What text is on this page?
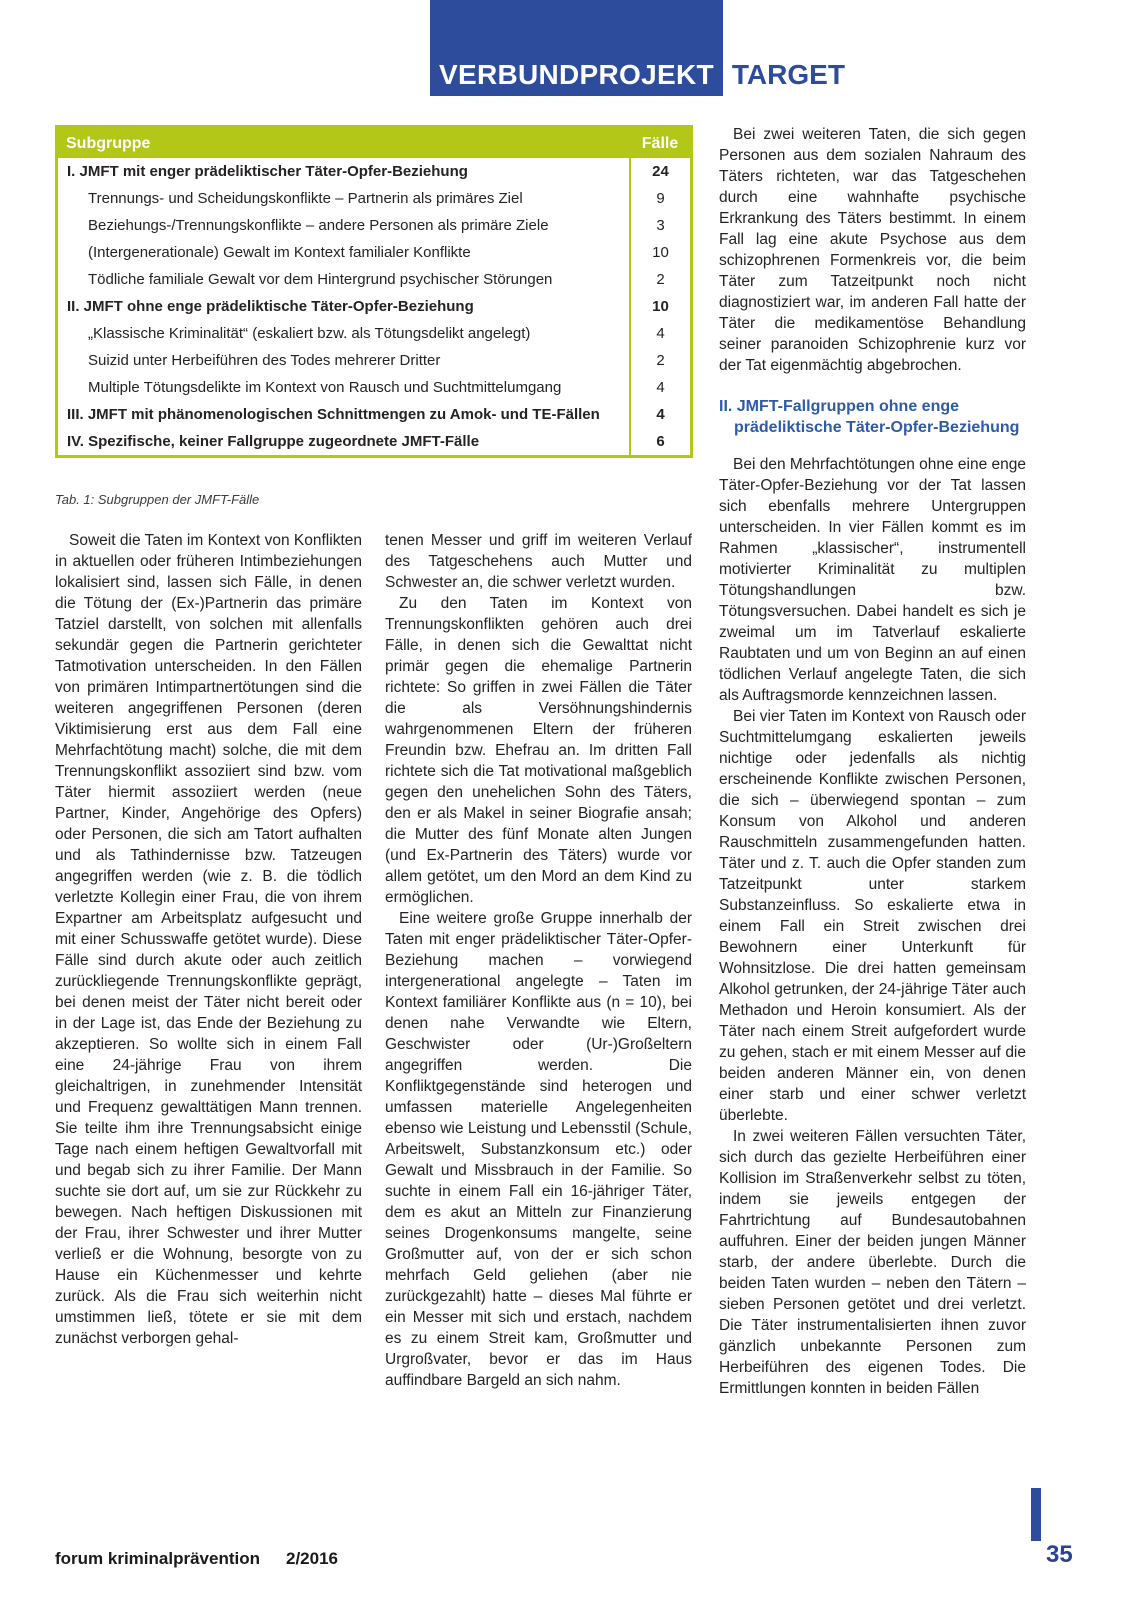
VERBUNDPROJEKT TARGET
Subgruppe	Fälle
I. JMFT mit enger prädeliktischer Täter-Opfer-Beziehung	24
Trennungs- und Scheidungskonflikte – Partnerin als primäres Ziel	9
Beziehungs-/Trennungskonflikte – andere Personen als primäre Ziele	3
(Intergenerationale) Gewalt im Kontext familialer Konflikte	10
Tödliche familiale Gewalt vor dem Hintergrund psychischer Störungen	2
II. JMFT ohne enge prädeliktische Täter-Opfer-Beziehung	10
„Klassische Kriminalität“ (eskaliert bzw. als Tötungsdelikt angelegt)	4
Suizid unter Herbeiführen des Todes mehrerer Dritter	2
Multiple Tötungsdelikte im Kontext von Rausch und Suchtmittelumgang	4
III. JMFT mit phänomenologischen Schnittmengen zu Amok- und TE-Fällen	4
IV. Spezifische, keiner Fallgruppe zugeordnete JMFT-Fälle	6
Tab. 1: Subgruppen der JMFT-Fälle

Soweit die Taten im Kontext von Konflikten in aktuellen oder früheren Intimbeziehungen lokalisiert sind, lassen sich Fälle, in denen die Tötung der (Ex-)Partnerin das primäre Tatziel darstellt, von solchen mit allenfalls sekundär gegen die Partnerin gerichteter Tatmotivation unterscheiden. In den Fällen von primären Intimpartnertötungen sind die weiteren angegriffenen Personen (deren Viktimisierung erst aus dem Fall eine Mehrfachtötung macht) solche, die mit dem Trennungskonflikt assoziiert sind bzw. vom Täter hiermit assoziiert werden (neue Partner, Kinder, Angehörige des Opfers) oder Personen, die sich am Tatort aufhalten und als Tathindernisse bzw. Tatzeugen angegriffen werden (wie z. B. die tödlich verletzte Kollegin einer Frau, die von ihrem Expartner am Arbeitsplatz aufgesucht und mit einer Schusswaffe getötet wurde). Diese Fälle sind durch akute oder auch zeitlich zurückliegende Trennungskonflikte geprägt, bei denen meist der Täter nicht bereit oder in der Lage ist, das Ende der Beziehung zu akzeptieren. So wollte sich in einem Fall eine 24-jährige Frau von ihrem gleichaltrigen, in zunehmender Intensität und Frequenz gewalttätigen Mann trennen. Sie teilte ihm ihre Trennungsabsicht einige Tage nach einem heftigen Gewaltvorfall mit und begab sich zu ihrer Familie. Der Mann suchte sie dort auf, um sie zur Rückkehr zu bewegen. Nach heftigen Diskussionen mit der Frau, ihrer Schwester und ihrer Mutter verließ er die Wohnung, besorgte von zu Hause ein Küchenmesser und kehrte zurück. Als die Frau sich weiterhin nicht umstimmen ließ, tötete er sie mit dem zunächst verborgen gehal-

tenen Messer und griff im weiteren Verlauf des Tatgeschehens auch Mutter und Schwester an, die schwer verletzt wurden.

Zu den Taten im Kontext von Trennungskonflikten gehören auch drei Fälle, in denen sich die Gewalttat nicht primär gegen die ehemalige Partnerin richtete: So griffen in zwei Fällen die Täter die als Versöhnungshindernis wahrgenommenen Eltern der früheren Freundin bzw. Ehefrau an. Im dritten Fall richtete sich die Tat motivational maßgeblich gegen den unehelichen Sohn des Täters, den er als Makel in seiner Biografie ansah; die Mutter des fünf Monate alten Jungen (und Ex-Partnerin des Täters) wurde vor allem getötet, um den Mord an dem Kind zu ermöglichen.

Eine weitere große Gruppe innerhalb der Taten mit enger prädeliktischer Täter-Opfer-Beziehung machen – vorwiegend intergenerational angelegte – Taten im Kontext familiärer Konflikte aus (n = 10), bei denen nahe Verwandte wie Eltern, Geschwister oder (Ur-)Großeltern angegriffen werden. Die Konfliktgegenstände sind heterogen und umfassen materielle Angelegenheiten ebenso wie Leistung und Lebensstil (Schule, Arbeitswelt, Substanzkonsum etc.) oder Gewalt und Missbrauch in der Familie. So suchte in einem Fall ein 16-jähriger Täter, dem es akut an Mitteln zur Finanzierung seines Drogenkonsums mangelte, seine Großmutter auf, von der er sich schon mehrfach Geld geliehen (aber nie zurückgezahlt) hatte – dieses Mal führte er ein Messer mit sich und erstach, nachdem es zu einem Streit kam, Großmutter und Urgroßvater, bevor er das im Haus auffindbare Bargeld an sich nahm.

Bei zwei weiteren Taten, die sich gegen Personen aus dem sozialen Nahraum des Täters richteten, war das Tatgeschehen durch eine wahnhafte psychische Erkrankung des Täters bestimmt. In einem Fall lag eine akute Psychose aus dem schizophrenen Formenkreis vor, die beim Täter zum Tatzeitpunkt noch nicht diagnostiziert war, im anderen Fall hatte der Täter die medikamentöse Behandlung seiner paranoiden Schizophrenie kurz vor der Tat eigenmächtig abgebrochen.

II. JMFT-Fallgruppen ohne enge prädeliktische Täter-Opfer-Beziehung

Bei den Mehrfachtötungen ohne eine enge Täter-Opfer-Beziehung vor der Tat lassen sich ebenfalls mehrere Untergruppen unterscheiden. In vier Fällen kommt es im Rahmen „klassischer“, instrumentell motivierter Kriminalität zu multiplen Tötungshandlungen bzw. Tötungsversuchen. Dabei handelt es sich je zweimal um im Tatverlauf eskalierte Raubtaten und um von Beginn an auf einen tödlichen Verlauf angelegte Taten, die sich als Auftragsmorde kennzeichnen lassen.

Bei vier Taten im Kontext von Rausch oder Suchtmittelumgang eskalierten jeweils nichtige oder jedenfalls als nichtig erscheinende Konflikte zwischen Personen, die sich – überwiegend spontan – zum Konsum von Alkohol und anderen Rauschmitteln zusammengefunden hatten. Täter und z. T. auch die Opfer standen zum Tatzeitpunkt unter starkem Substanzeinfluss. So eskalierte etwa in einem Fall ein Streit zwischen drei Bewohnern einer Unterkunft für Wohnsitzlose. Die drei hatten gemeinsam Alkohol getrunken, der 24-jährige Täter auch Methadon und Heroin konsumiert. Als der Täter nach einem Streit aufgefordert wurde zu gehen, stach er mit einem Messer auf die beiden anderen Männer ein, von denen einer starb und einer schwer verletzt überlebte.

In zwei weiteren Fällen versuchten Täter, sich durch das gezielte Herbeiführen einer Kollision im Straßenverkehr selbst zu töten, indem sie jeweils entgegen der Fahrtrichtung auf Bundesautobahnen auffuhren. Einer der beiden jungen Männer starb, der andere überlebte. Durch die beiden Taten wurden – neben den Tätern – sieben Personen getötet und drei verletzt. Die Täter instrumentalisierten ihnen zuvor gänzlich unbekannte Personen zum Herbeiführen des eigenen Todes. Die Ermittlungen konnten in beiden Fällen

forum kriminalprävention 2/2016	35
